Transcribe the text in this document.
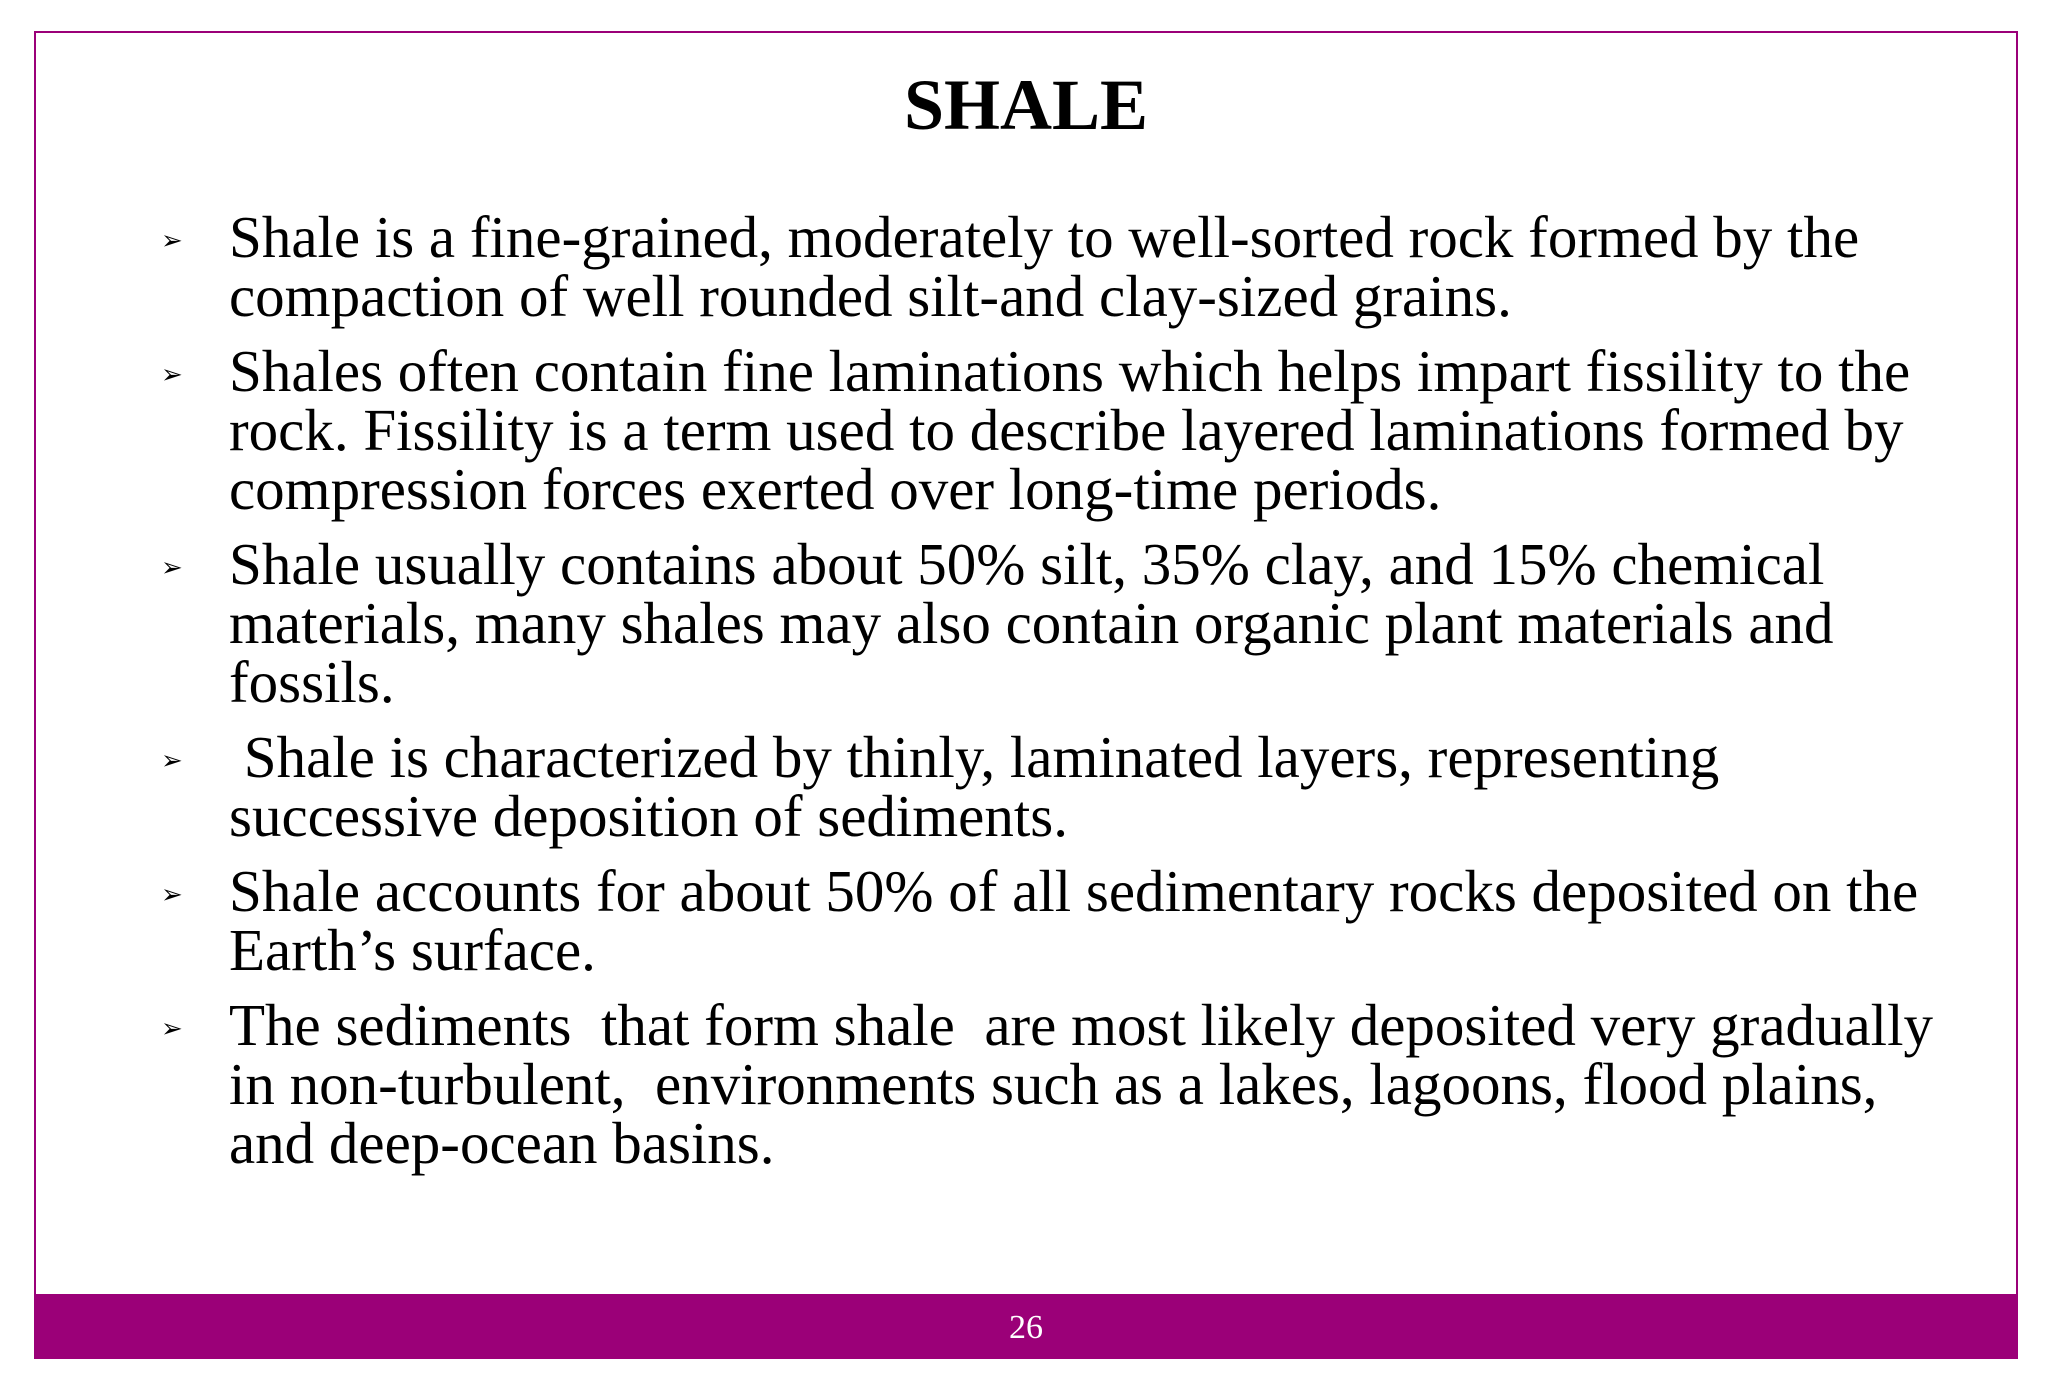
SHALE
➢ Shale is a fine-grained, moderately to well-sorted rock formed by the compaction of well rounded silt-and clay-sized grains.
➢ Shales often contain fine laminations which helps impart fissility to the rock. Fissility is a term used to describe layered laminations formed by compression forces exerted over long-time periods.
➢ Shale usually contains about 50% silt, 35% clay, and 15% chemical materials, many shales may also contain organic plant materials and fossils.
➢ Shale is characterized by thinly, laminated layers, representing successive deposition of sediments.
➢ Shale accounts for about 50% of all sedimentary rocks deposited on the Earth’s surface.
➢ The sediments  that form shale  are most likely deposited very gradually in non-turbulent,  environments such as a lakes, lagoons, flood plains,  and deep-ocean basins.
26
